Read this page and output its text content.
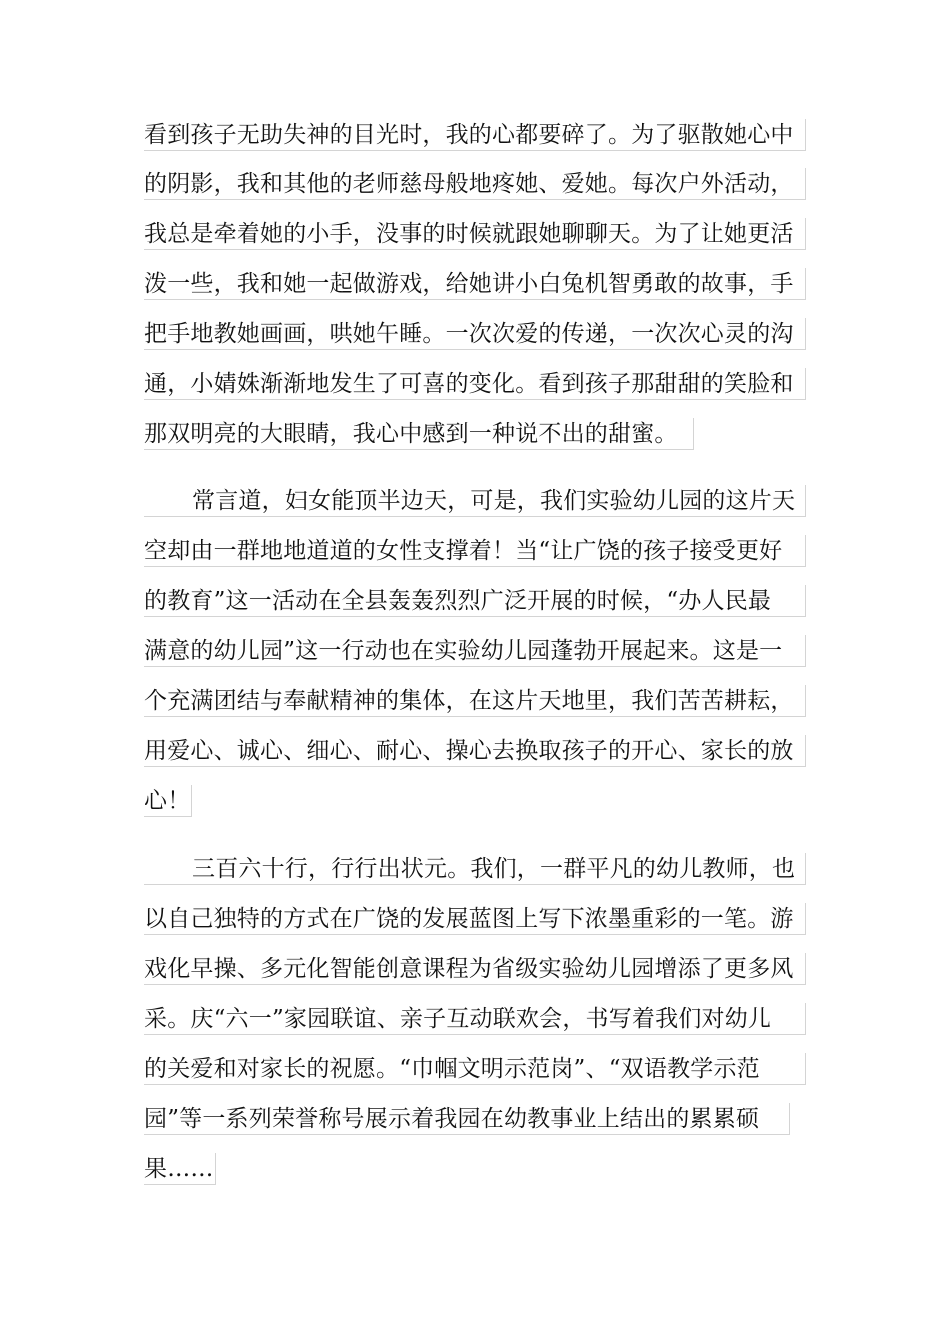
看到孩子无助失神的目光时，我的心都要碎了。为了驱散她心中
的阴影，我和其他的老师慈母般地疼她、爱她。每次户外活动，
我总是牵着她的小手，没事的时候就跟她聊聊天。为了让她更活
泼一些，我和她一起做游戏，给她讲小白兔机智勇敢的故事，手
把手地教她画画，哄她午睡。一次次爱的传递，一次次心灵的沟
通，小婧姝渐渐地发生了可喜的变化。看到孩子那甜甜的笑脸和
那双明亮的大眼睛，我心中感到一种说不出的甜蜜。
常言道，妇女能顶半边天，可是，我们实验幼儿园的这片天
空却由一群地地道道的女性支撑着！当“让广饶的孩子接受更好
的教育”这一活动在全县轰轰烈烈广泛开展的时候，“办人民最
满意的幼儿园”这一行动也在实验幼儿园蓬勃开展起来。这是一
个充满团结与奉献精神的集体，在这片天地里，我们苦苦耕耘，
用爱心、诚心、细心、耐心、操心去换取孩子的开心、家长的放
心！
三百六十行，行行出状元。我们，一群平凡的幼儿教师，也
以自己独特的方式在广饶的发展蓝图上写下浓墨重彩的一笔。游
戏化早操、多元化智能创意课程为省级实验幼儿园增添了更多风
采。庆“六一”家园联谊、亲子互动联欢会，书写着我们对幼儿
的关爱和对家长的祝愿。“巾帼文明示范岗”、“双语教学示范
园”等一系列荣誉称号展示着我园在幼教事业上结出的累累硕
果……
